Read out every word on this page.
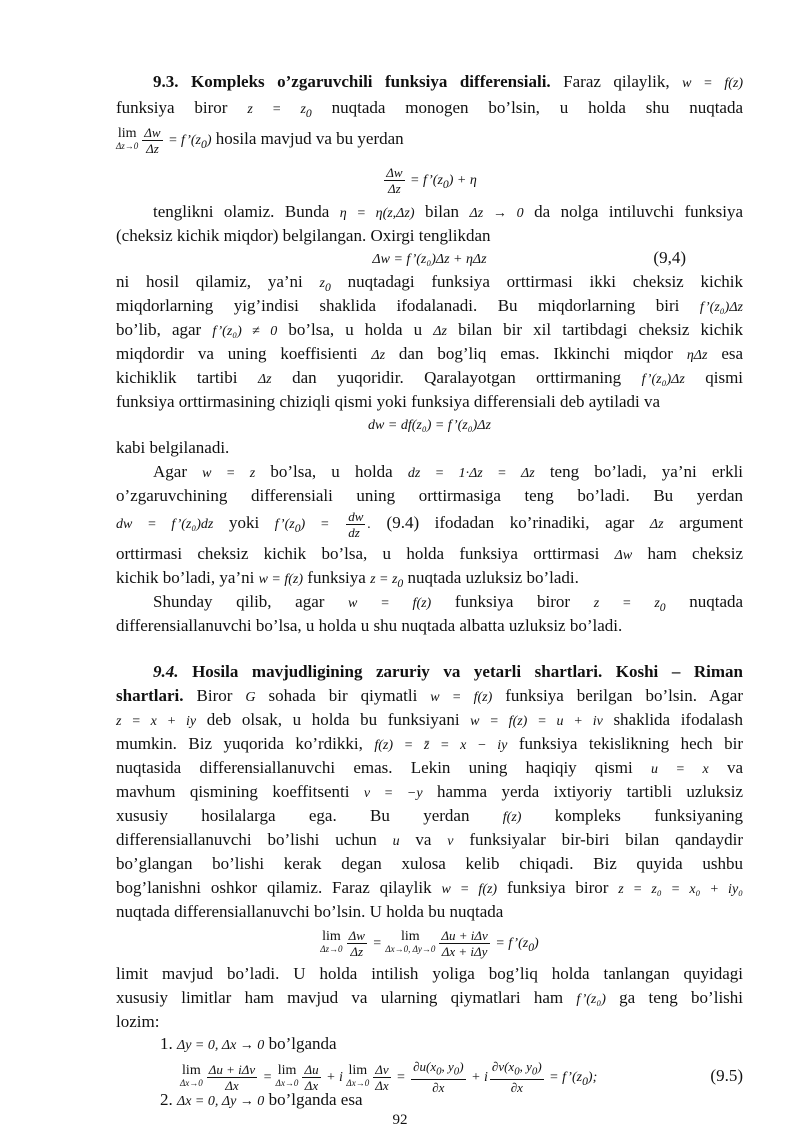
9.3. Kompleks o’zgaruvchili funksiya differensiali. Faraz qilaylik, w = f(z)
funksiya biror $z = z_0$ nuqtada monogen bo’lsin, u holda shu nuqtada
lim
$\Delta z\to 0 \frac{\Delta w}{\Delta z}$ = $f’(z_0)$ hosila mavjud va bu yerdan
$\frac{\Delta w}{\Delta z}$ = $f’(z_0) + \eta$
tenglikni olamiz. Bunda η = η(z,Δz) bilan Δz → 0 da nolga intiluvchi funksiya
(cheksiz kichik miqdor) belgilangan. Oxirgi tenglikdan
Δw = f’(z₀)Δz + ηΔz	(9,4)
ni hosil qilamiz, ya’ni $z_0$ nuqtadagi funksiya orttirmasi ikki cheksiz kichik
miqdorlarning yig’indisi shaklida ifodalanadi. Bu miqdorlarning biri f’(z₀)Δz
bo’lib, agar f’(z₀) ≠ 0 bo’lsa, u holda u Δz bilan bir xil tartibdagi cheksiz kichik
miqdordir va uning koeffisienti Δz dan bog’liq emas. Ikkinchi miqdor ηΔz esa
kichiklik tartibi Δz dan yuqoridir. Qaralayotgan orttirmaning f’(z₀)Δz qismi
funksiya orttirmasining chiziqli qismi yoki funksiya differensiali deb aytiladi va
dw = df(z₀) = f’(z₀)Δz
kabi belgilanadi.
Agar w = z bo’lsa, u holda dz = 1·Δz = Δz teng bo’ladi, ya’ni erkli
o’zgaruvchining differensiali uning orttirmasiga teng bo’ladi. Bu yerdan
dw = f’(z₀)dz yoki $f’(z_0) = \frac{dw}{dz}$ . (9.4) ifodadan ko’rinadiki, agar Δz argument
orttirmasi cheksiz kichik bo’lsa, u holda funksiya orttirmasi Δw ham cheksiz
kichik bo’ladi, ya’ni w = f(z) funksiya $z = z_0$ nuqtada uzluksiz bo’ladi.
Shunday qilib, agar w = f(z) funksiya biror $z = z_0$ nuqtada
differensiallanuvchi bo’lsa, u holda u shu nuqtada albatta uzluksiz bo’ladi.
9.4. Hosila mavjudligining zaruriy va yetarli shartlari. Koshi – Riman
shartlari. Biror G sohada bir qiymatli w = f(z) funksiya berilgan bo’lsin. Agar
z = x + iy deb olsak, u holda bu funksiyani w = f(z) = u + iv shaklida ifodalash
mumkin. Biz yuqorida ko’rdikki, f(z) = z̄ = x − iy funksiya tekislikning hech bir
nuqtasida differensiallanuvchi emas. Lekin uning haqiqiy qismi u = x va
mavhum qismining koeffitsenti v = −y hamma yerda ixtiyoriy tartibli uzluksiz
xususiy hosilalarga ega. Bu yerdan f(z) kompleks funksiyaning
differensiallanuvchi bo’lishi uchun u va v funksiyalar bir-biri bilan qandaydir
bo’glangan bo’lishi kerak degan xulosa kelib chiqadi. Biz quyida ushbu
bog’lanishni oshkor qilamiz. Faraz qilaylik w = f(z) funksiya biror z = z₀ = x₀ + iy₀
nuqtada differensiallanuvchi bo’lsin. U holda bu nuqtada
lim
$\Delta z\to 0 \frac{\Delta w}{\Delta z}$ =	lim
Δx→0, $\Delta y\to 0 \frac{\text{Δu + iΔv}}{\text{Δx + iΔy}}$ = $f’(z_0)$
limit mavjud bo’ladi. U holda intilish yoliga bog’liq holda tanlangan quyidagi
xususiy limitlar ham mavjud va ularning qiymatlari ham f’(z₀) ga teng bo’lishi
lozim:
1. Δy = 0, Δx → 0 bo’lganda
lim
$\Delta x\to 0 \frac{\text{Δu + iΔv}}{\Delta x} = \lim$
$\Delta x\to 0 \frac{\Delta u}{\Delta x} + i$ lim
$\Delta x\to 0 \frac{\Delta v}{\Delta x} = \frac{\partial u(x_0, y_0)}{\partial x} + i \frac{\partial v(x_0, y_0)}{\partial x}$ = $f’(z_0)$;	(9.5)
2. Δx = 0, Δy → 0 bo’lganda esa
92
